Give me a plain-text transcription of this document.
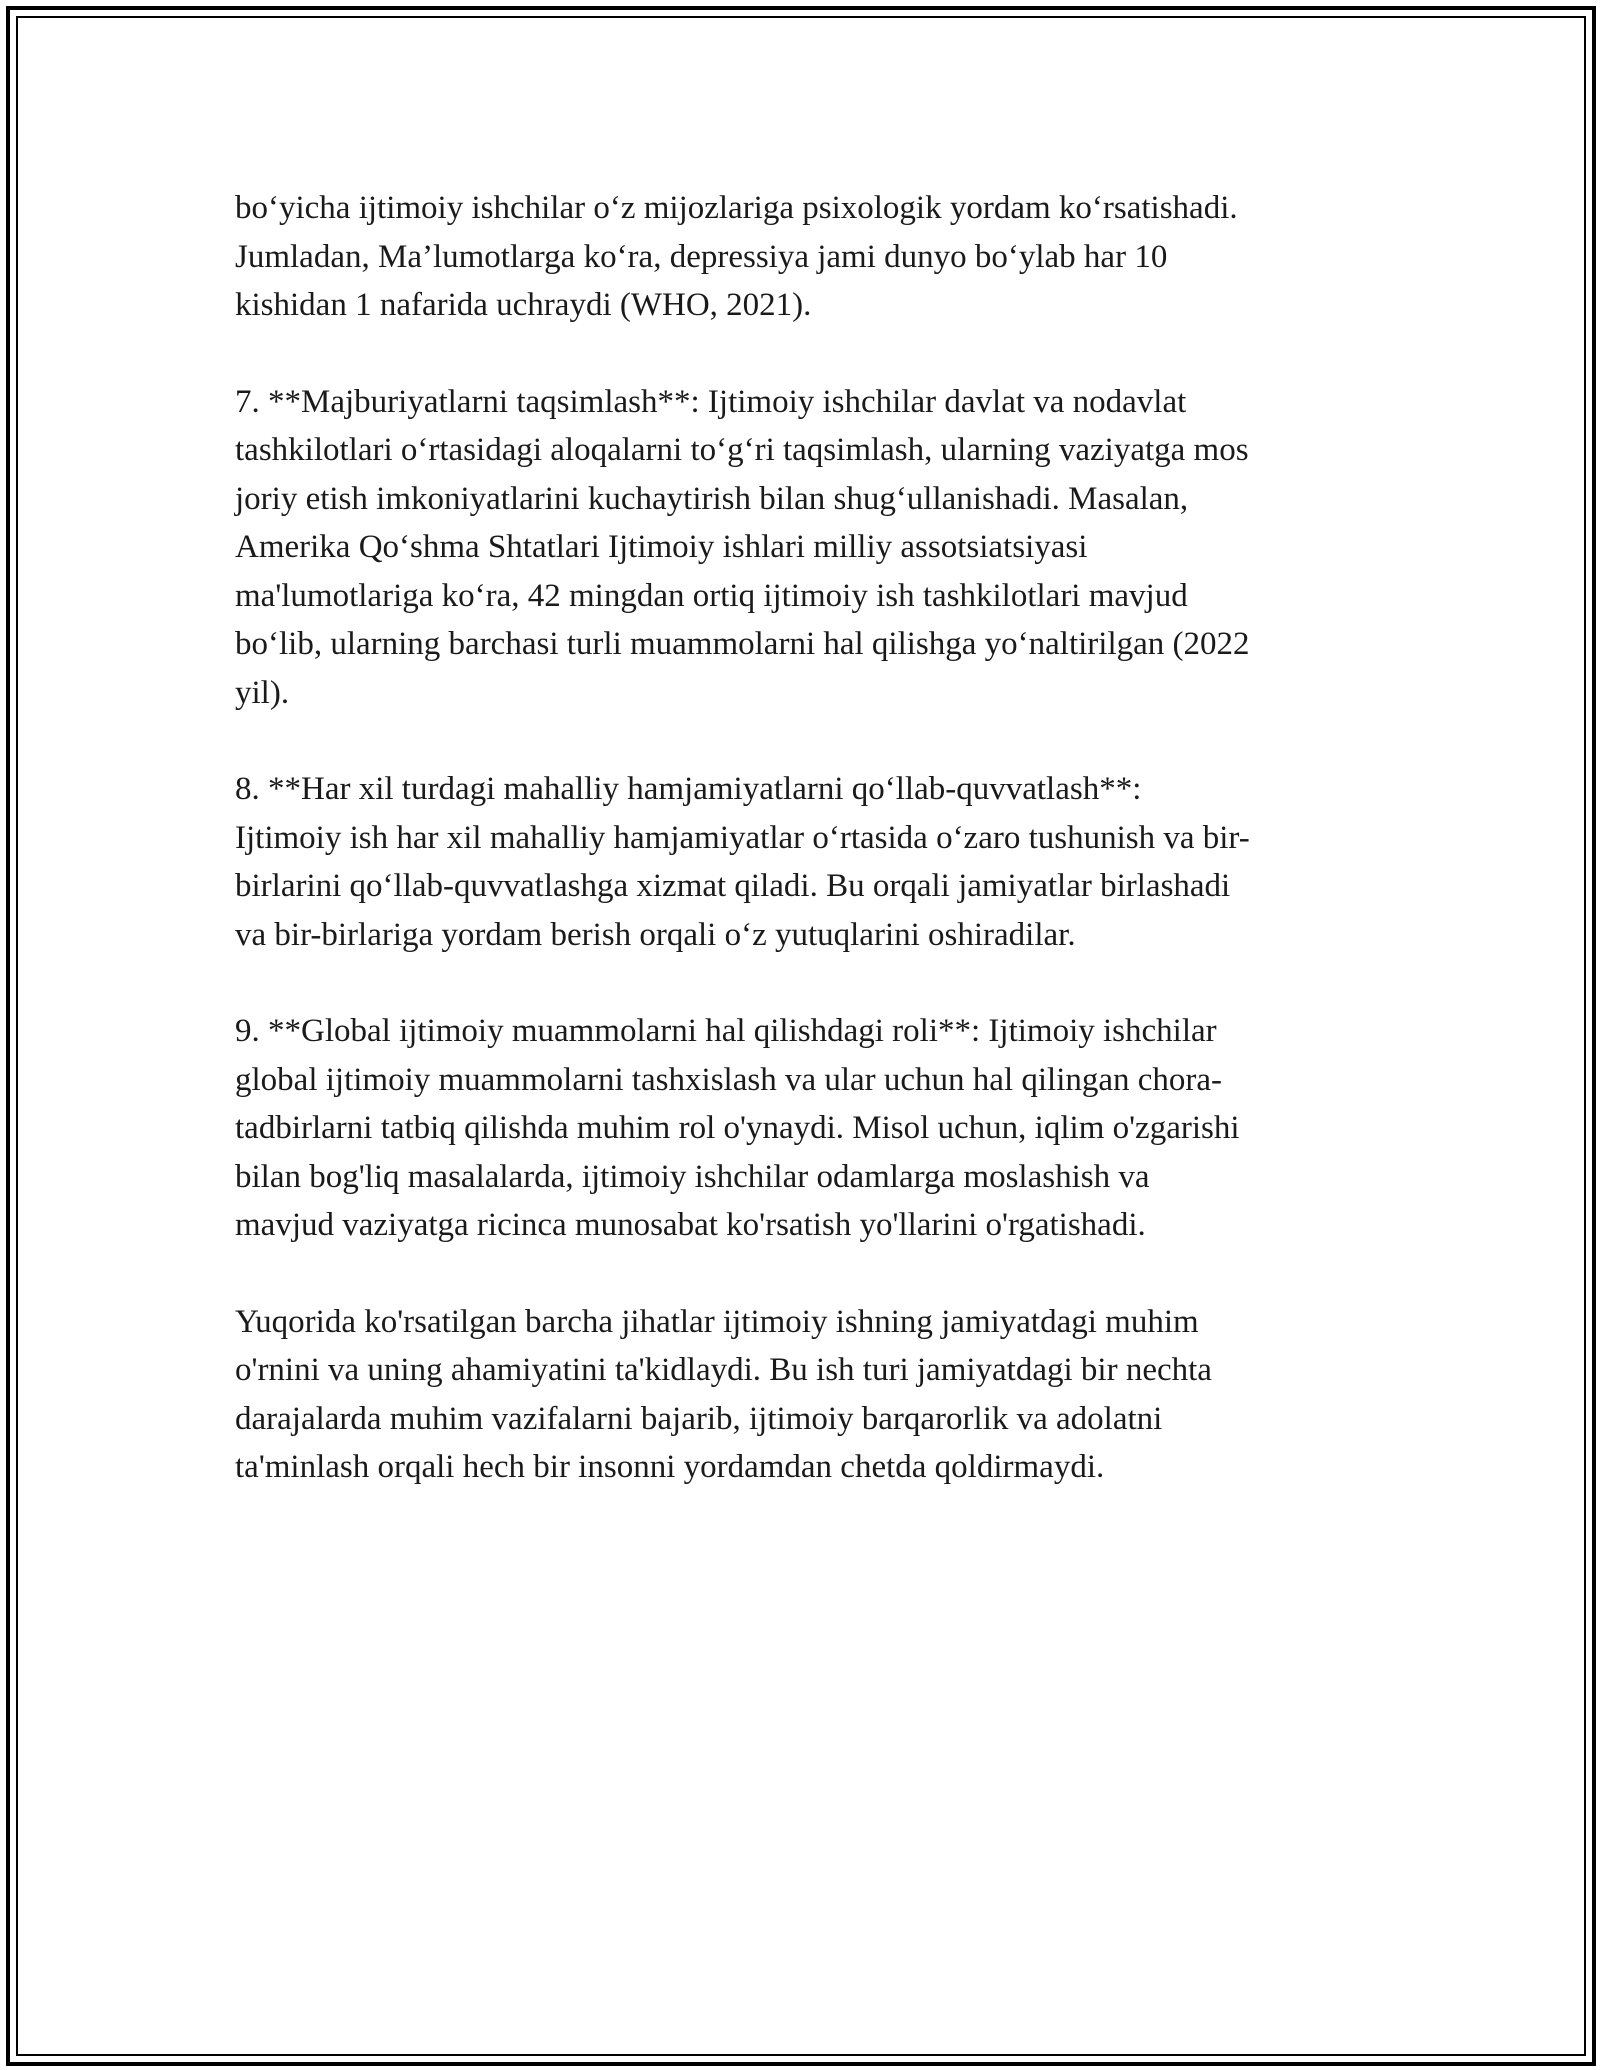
bo‘yicha ijtimoiy ishchilar o‘z mijozlariga psixologik yordam ko‘rsatishadi.
Jumladan, Ma’lumotlarga ko‘ra, depressiya jami dunyo bo‘ylab har 10
kishidan 1 nafarida uchraydi (WHO, 2021).

7. **Majburiyatlarni taqsimlash**: Ijtimoiy ishchilar davlat va nodavlat
tashkilotlari o‘rtasidagi aloqalarni to‘g‘ri taqsimlash, ularning vaziyatga mos
joriy etish imkoniyatlarini kuchaytirish bilan shug‘ullanishadi. Masalan,
Amerika Qo‘shma Shtatlari Ijtimoiy ishlari milliy assotsiatsiyasi
ma'lumotlariga ko‘ra, 42 mingdan ortiq ijtimoiy ish tashkilotlari mavjud
bo‘lib, ularning barchasi turli muammolarni hal qilishga yo‘naltirilgan (2022
yil).

8. **Har xil turdagi mahalliy hamjamiyatlarni qo‘llab-quvvatlash**:
Ijtimoiy ish har xil mahalliy hamjamiyatlar o‘rtasida o‘zaro tushunish va bir-
birlarini qo‘llab-quvvatlashga xizmat qiladi. Bu orqali jamiyatlar birlashadi
va bir-birlariga yordam berish orqali o‘z yutuqlarini oshiradilar.

9. **Global ijtimoiy muammolarni hal qilishdagi roli**: Ijtimoiy ishchilar
global ijtimoiy muammolarni tashxislash va ular uchun hal qilingan chora-
tadbirlarni tatbiq qilishda muhim rol o'ynaydi. Misol uchun, iqlim o'zgarishi
bilan bog'liq masalalarda, ijtimoiy ishchilar odamlarga moslashish va
mavjud vaziyatga ricinca munosabat ko'rsatish yo'llarini o'rgatishadi.

Yuqorida ko'rsatilgan barcha jihatlar ijtimoiy ishning jamiyatdagi muhim
o'rnini va uning ahamiyatini ta'kidlaydi. Bu ish turi jamiyatdagi bir nechta
darajalarda muhim vazifalarni bajarib, ijtimoiy barqarorlik va adolatni
ta'minlash orqali hech bir insonni yordamdan chetda qoldirmaydi.
